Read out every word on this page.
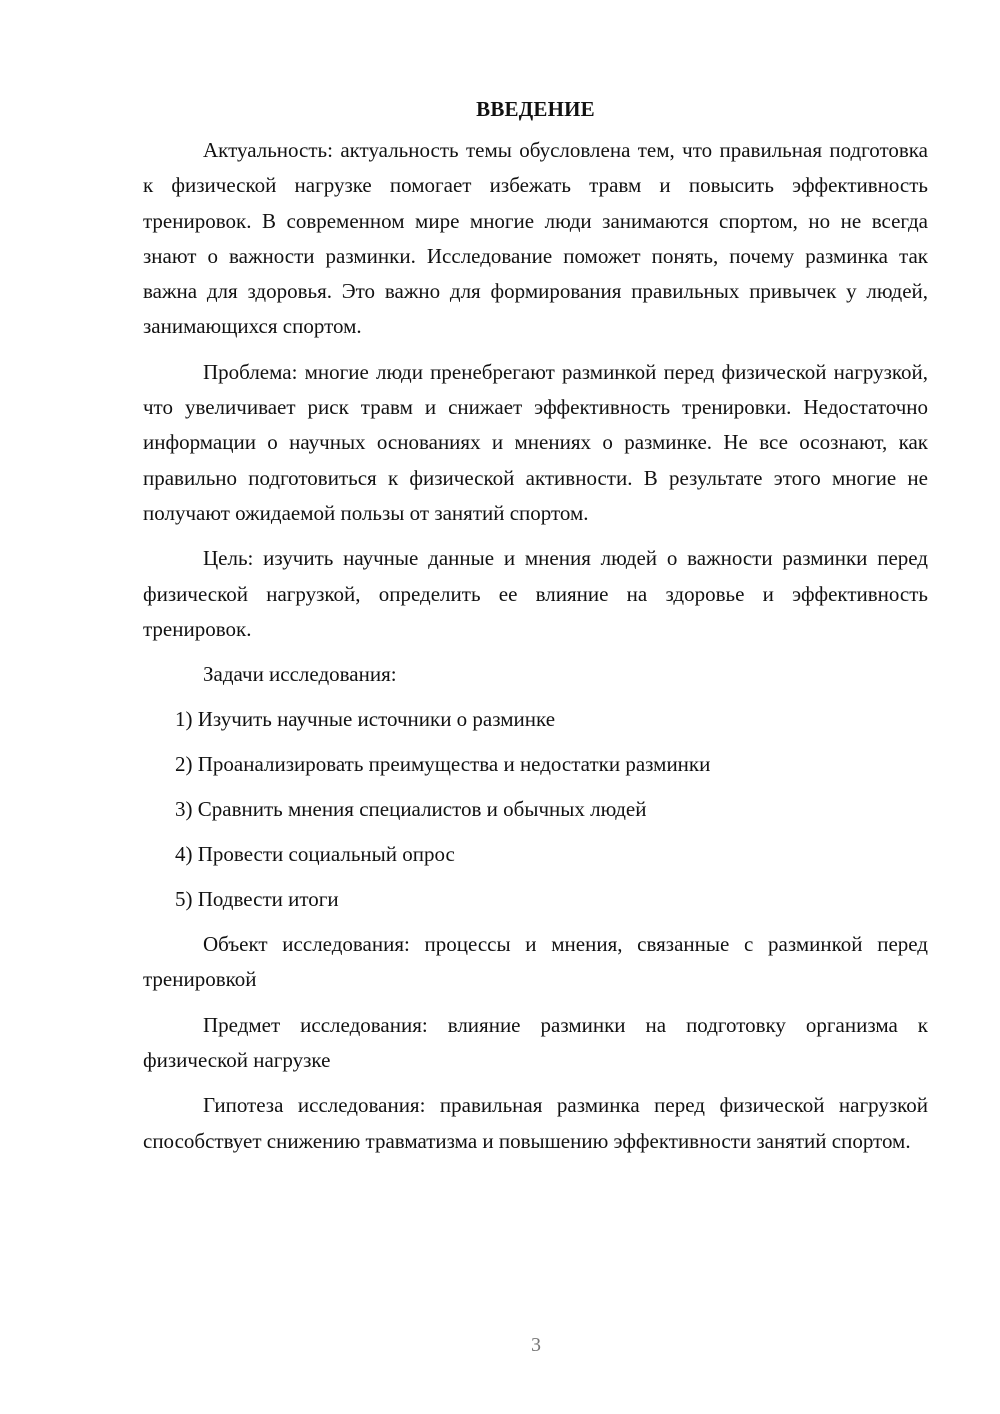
ВВЕДЕНИЕ

Актуальность: актуальность темы обусловлена тем, что правильная подготовка к физической нагрузке помогает избежать травм и повысить эффективность тренировок. В современном мире многие люди занимаются спортом, но не всегда знают о важности разминки. Исследование поможет понять, почему разминка так важна для здоровья. Это важно для формирования правильных привычек у людей, занимающихся спортом.

Проблема: многие люди пренебрегают разминкой перед физической нагрузкой, что увеличивает риск травм и снижает эффективность тренировки. Недостаточно информации о научных основаниях и мнениях о разминке. Не все осознают, как правильно подготовиться к физической активности. В результате этого многие не получают ожидаемой пользы от занятий спортом.

Цель: изучить научные данные и мнения людей о важности разминки перед физической нагрузкой, определить ее влияние на здоровье и эффективность тренировок.

Задачи исследования:

1) Изучить научные источники о разминке
2) Проанализировать преимущества и недостатки разминки
3) Сравнить мнения специалистов и обычных людей
4) Провести социальный опрос
5) Подвести итоги

Объект исследования: процессы и мнения, связанные с разминкой перед тренировкой

Предмет исследования: влияние разминки на подготовку организма к физической нагрузке

Гипотеза исследования: правильная разминка перед физической нагрузкой способствует снижению травматизма и повышению эффективности занятий спортом.

3
